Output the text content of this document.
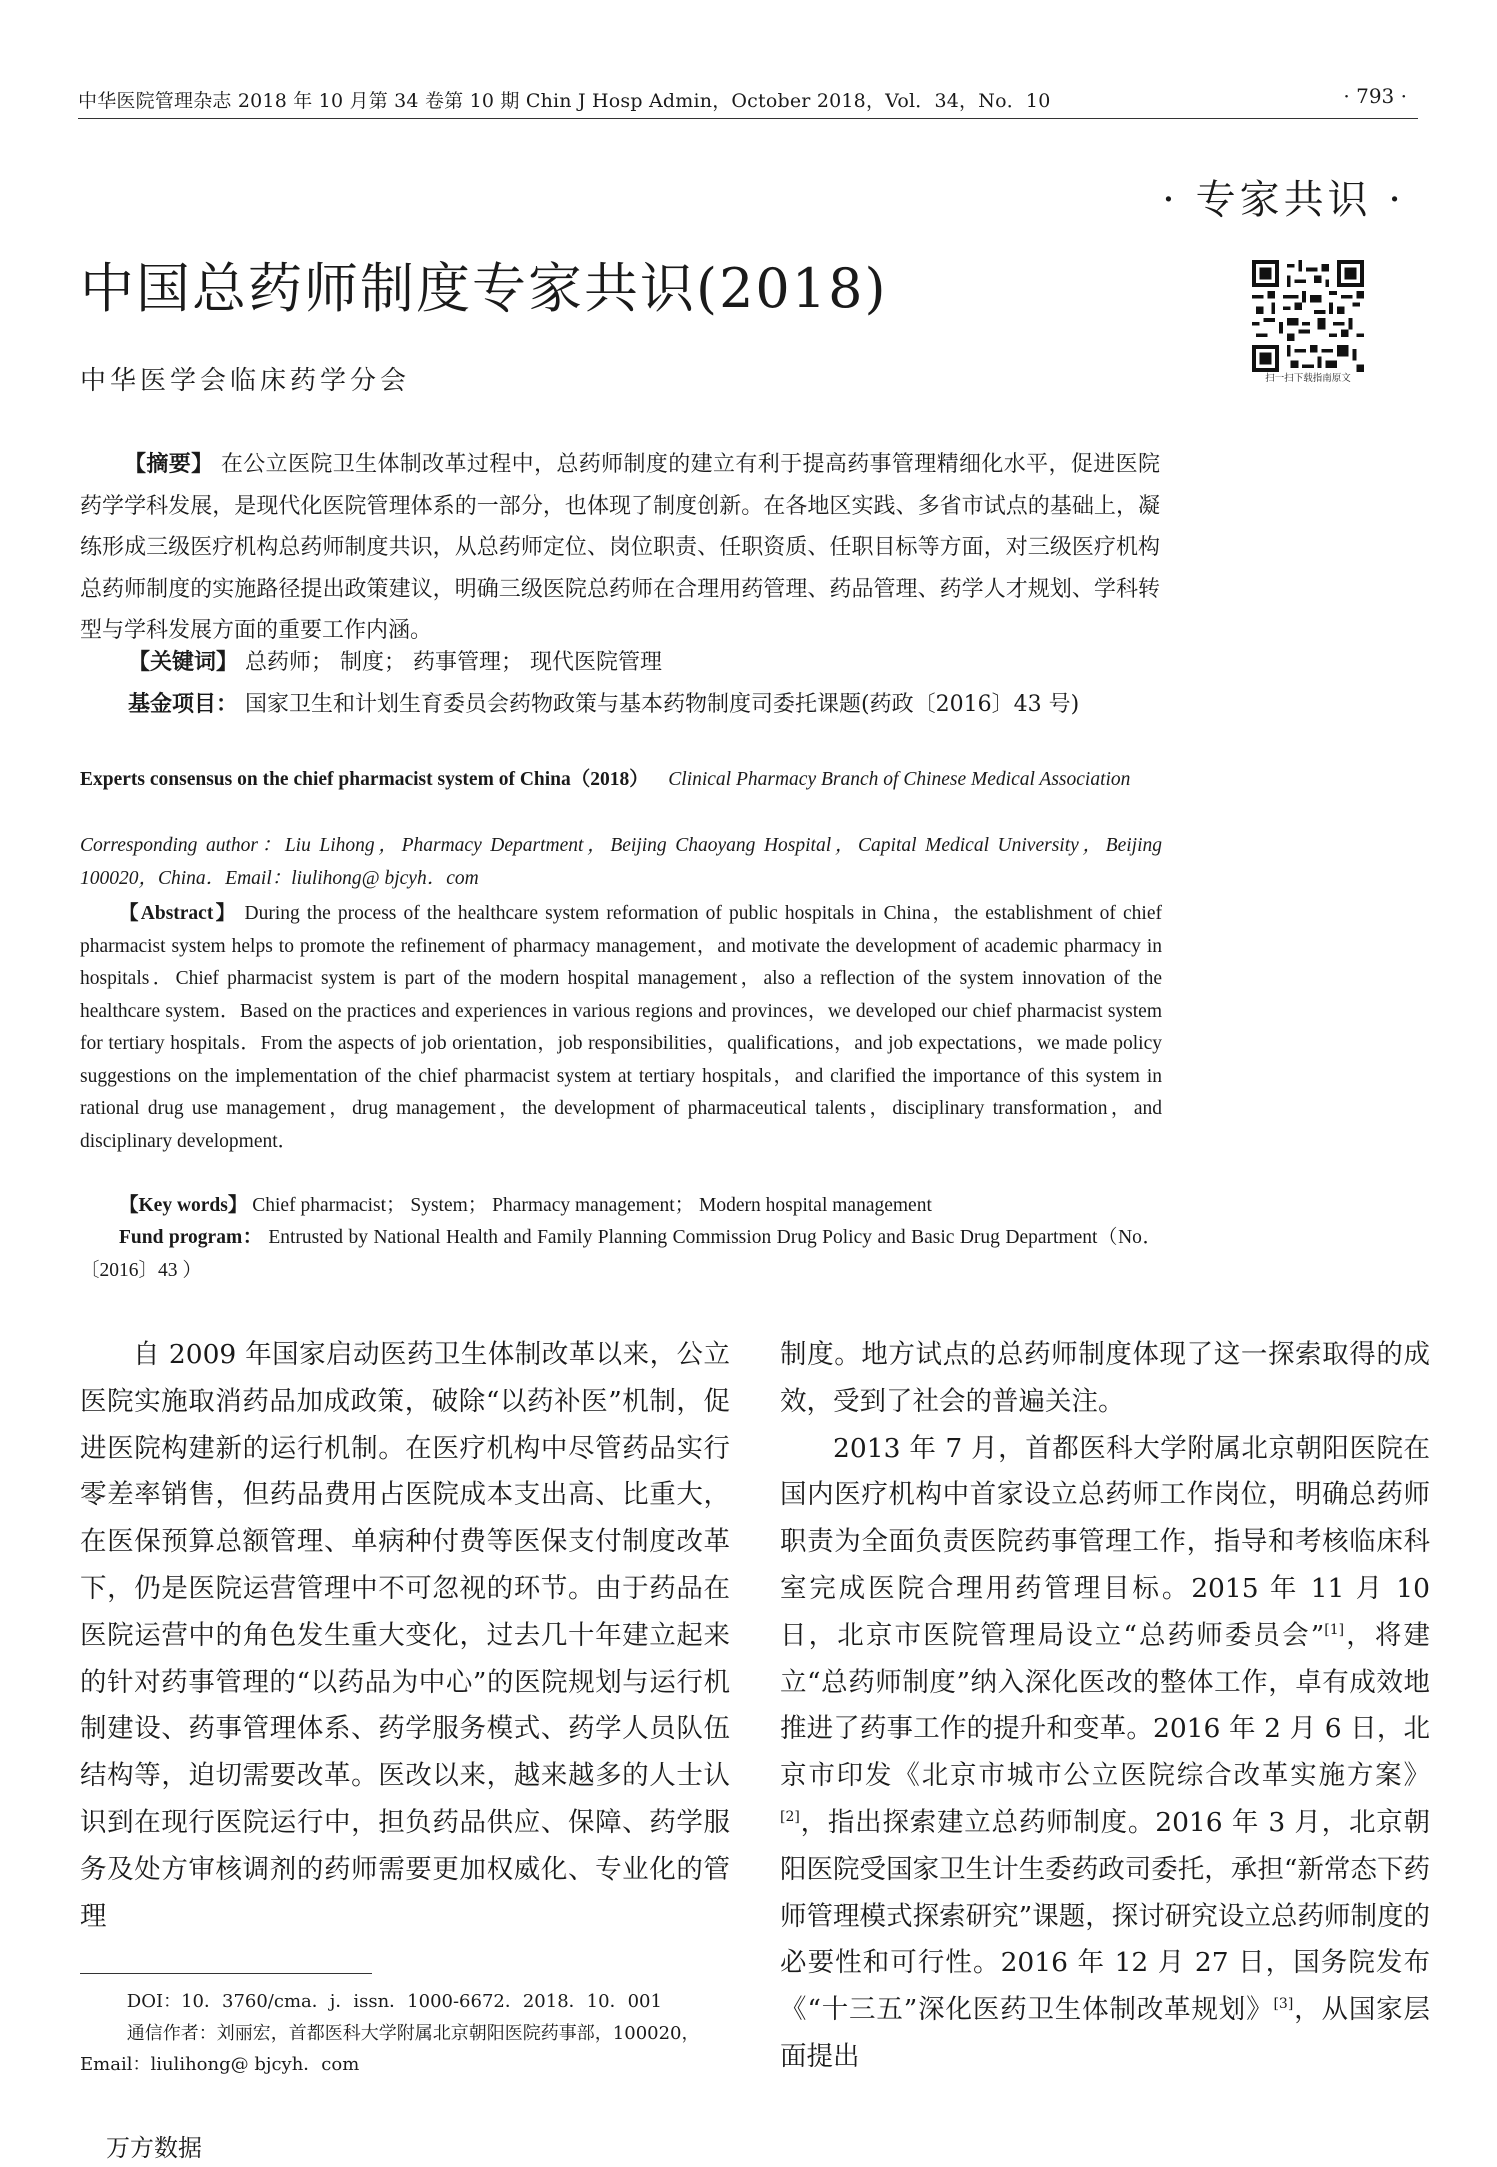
中华医院管理杂志 2018 年 10 月第 34 卷第 10 期 Chin J Hosp Admin，October 2018，Vol．34，No．10	· 793 ·
· 专家共识 ·
中国总药师制度专家共识(2018)
扫一扫下载指南原文
中华医学会临床药学分会
【摘要】 在公立医院卫生体制改革过程中，总药师制度的建立有利于提高药事管理精细化水平，促进医院药学学科发展，是现代化医院管理体系的一部分，也体现了制度创新。在各地区实践、多省市试点的基础上，凝练形成三级医疗机构总药师制度共识，从总药师定位、岗位职责、任职资质、任职目标等方面，对三级医疗机构总药师制度的实施路径提出政策建议，明确三级医院总药师在合理用药管理、药品管理、药学人才规划、学科转型与学科发展方面的重要工作内涵。
【关键词】 总药师； 制度； 药事管理； 现代医院管理
基金项目： 国家卫生和计划生育委员会药物政策与基本药物制度司委托课题(药政〔2016〕43 号)
Experts consensus on the chief pharmacist system of China（2018） Clinical Pharmacy Branch of Chinese Medical Association
Corresponding author：Liu Lihong，Pharmacy Department，Beijing Chaoyang Hospital，Capital Medical University，Beijing 100020，China．Email：liulihong@ bjcyh．com
【Abstract】 During the process of the healthcare system reformation of public hospitals in China，the establishment of chief pharmacist system helps to promote the refinement of pharmacy management，and motivate the development of academic pharmacy in hospitals．Chief pharmacist system is part of the modern hospital management，also a reflection of the system innovation of the healthcare system．Based on the practices and experiences in various regions and provinces，we developed our chief pharmacist system for tertiary hospitals．From the aspects of job orientation，job responsibilities，qualifications，and job expectations，we made policy suggestions on the implementation of the chief pharmacist system at tertiary hospitals，and clarified the importance of this system in rational drug use management，drug management，the development of pharmaceutical talents，disciplinary transformation，and disciplinary development．
【Key words】 Chief pharmacist； System； Pharmacy management； Modern hospital management
Fund program： Entrusted by National Health and Family Planning Commission Drug Policy and Basic Drug Department（No．〔2016〕43 ）

自 2009 年国家启动医药卫生体制改革以来，公立医院实施取消药品加成政策，破除“以药补医”机制，促进医院构建新的运行机制。在医疗机构中尽管药品实行零差率销售，但药品费用占医院成本支出高、比重大，在医保预算总额管理、单病种付费等医保支付制度改革下，仍是医院运营管理中不可忽视的环节。由于药品在医院运营中的角色发生重大变化，过去几十年建立起来的针对药事管理的“以药品为中心”的医院规划与运行机制建设、药事管理体系、药学服务模式、药学人员队伍结构等，迫切需要改革。医改以来，越来越多的人士认识到在现行医院运行中，担负药品供应、保障、药学服务及处方审核调剂的药师需要更加权威化、专业化的管理

制度。地方试点的总药师制度体现了这一探索取得的成效，受到了社会的普遍关注。

2013 年 7 月，首都医科大学附属北京朝阳医院在国内医疗机构中首家设立总药师工作岗位，明确总药师职责为全面负责医院药事管理工作，指导和考核临床科室完成医院合理用药管理目标。2015 年 11 月 10 日，北京市医院管理局设立“总药师委员会”[1]，将建立“总药师制度”纳入深化医改的整体工作，卓有成效地推进了药事工作的提升和变革。2016 年 2 月 6 日，北京市印发《北京市城市公立医院综合改革实施方案》[2]，指出探索建立总药师制度。2016 年 3 月，北京朝阳医院受国家卫生计生委药政司委托，承担“新常态下药师管理模式探索研究”课题，探讨研究设立总药师制度的必要性和可行性。2016 年 12 月 27 日，国务院发布《“十三五”深化医药卫生体制改革规划》[3]，从国家层面提出

DOI：10．3760/cma．j．issn．1000-6672．2018．10．001
通信作者：刘丽宏，首都医科大学附属北京朝阳医院药事部，100020，Email：liulihong@ bjcyh．com
万方数据
